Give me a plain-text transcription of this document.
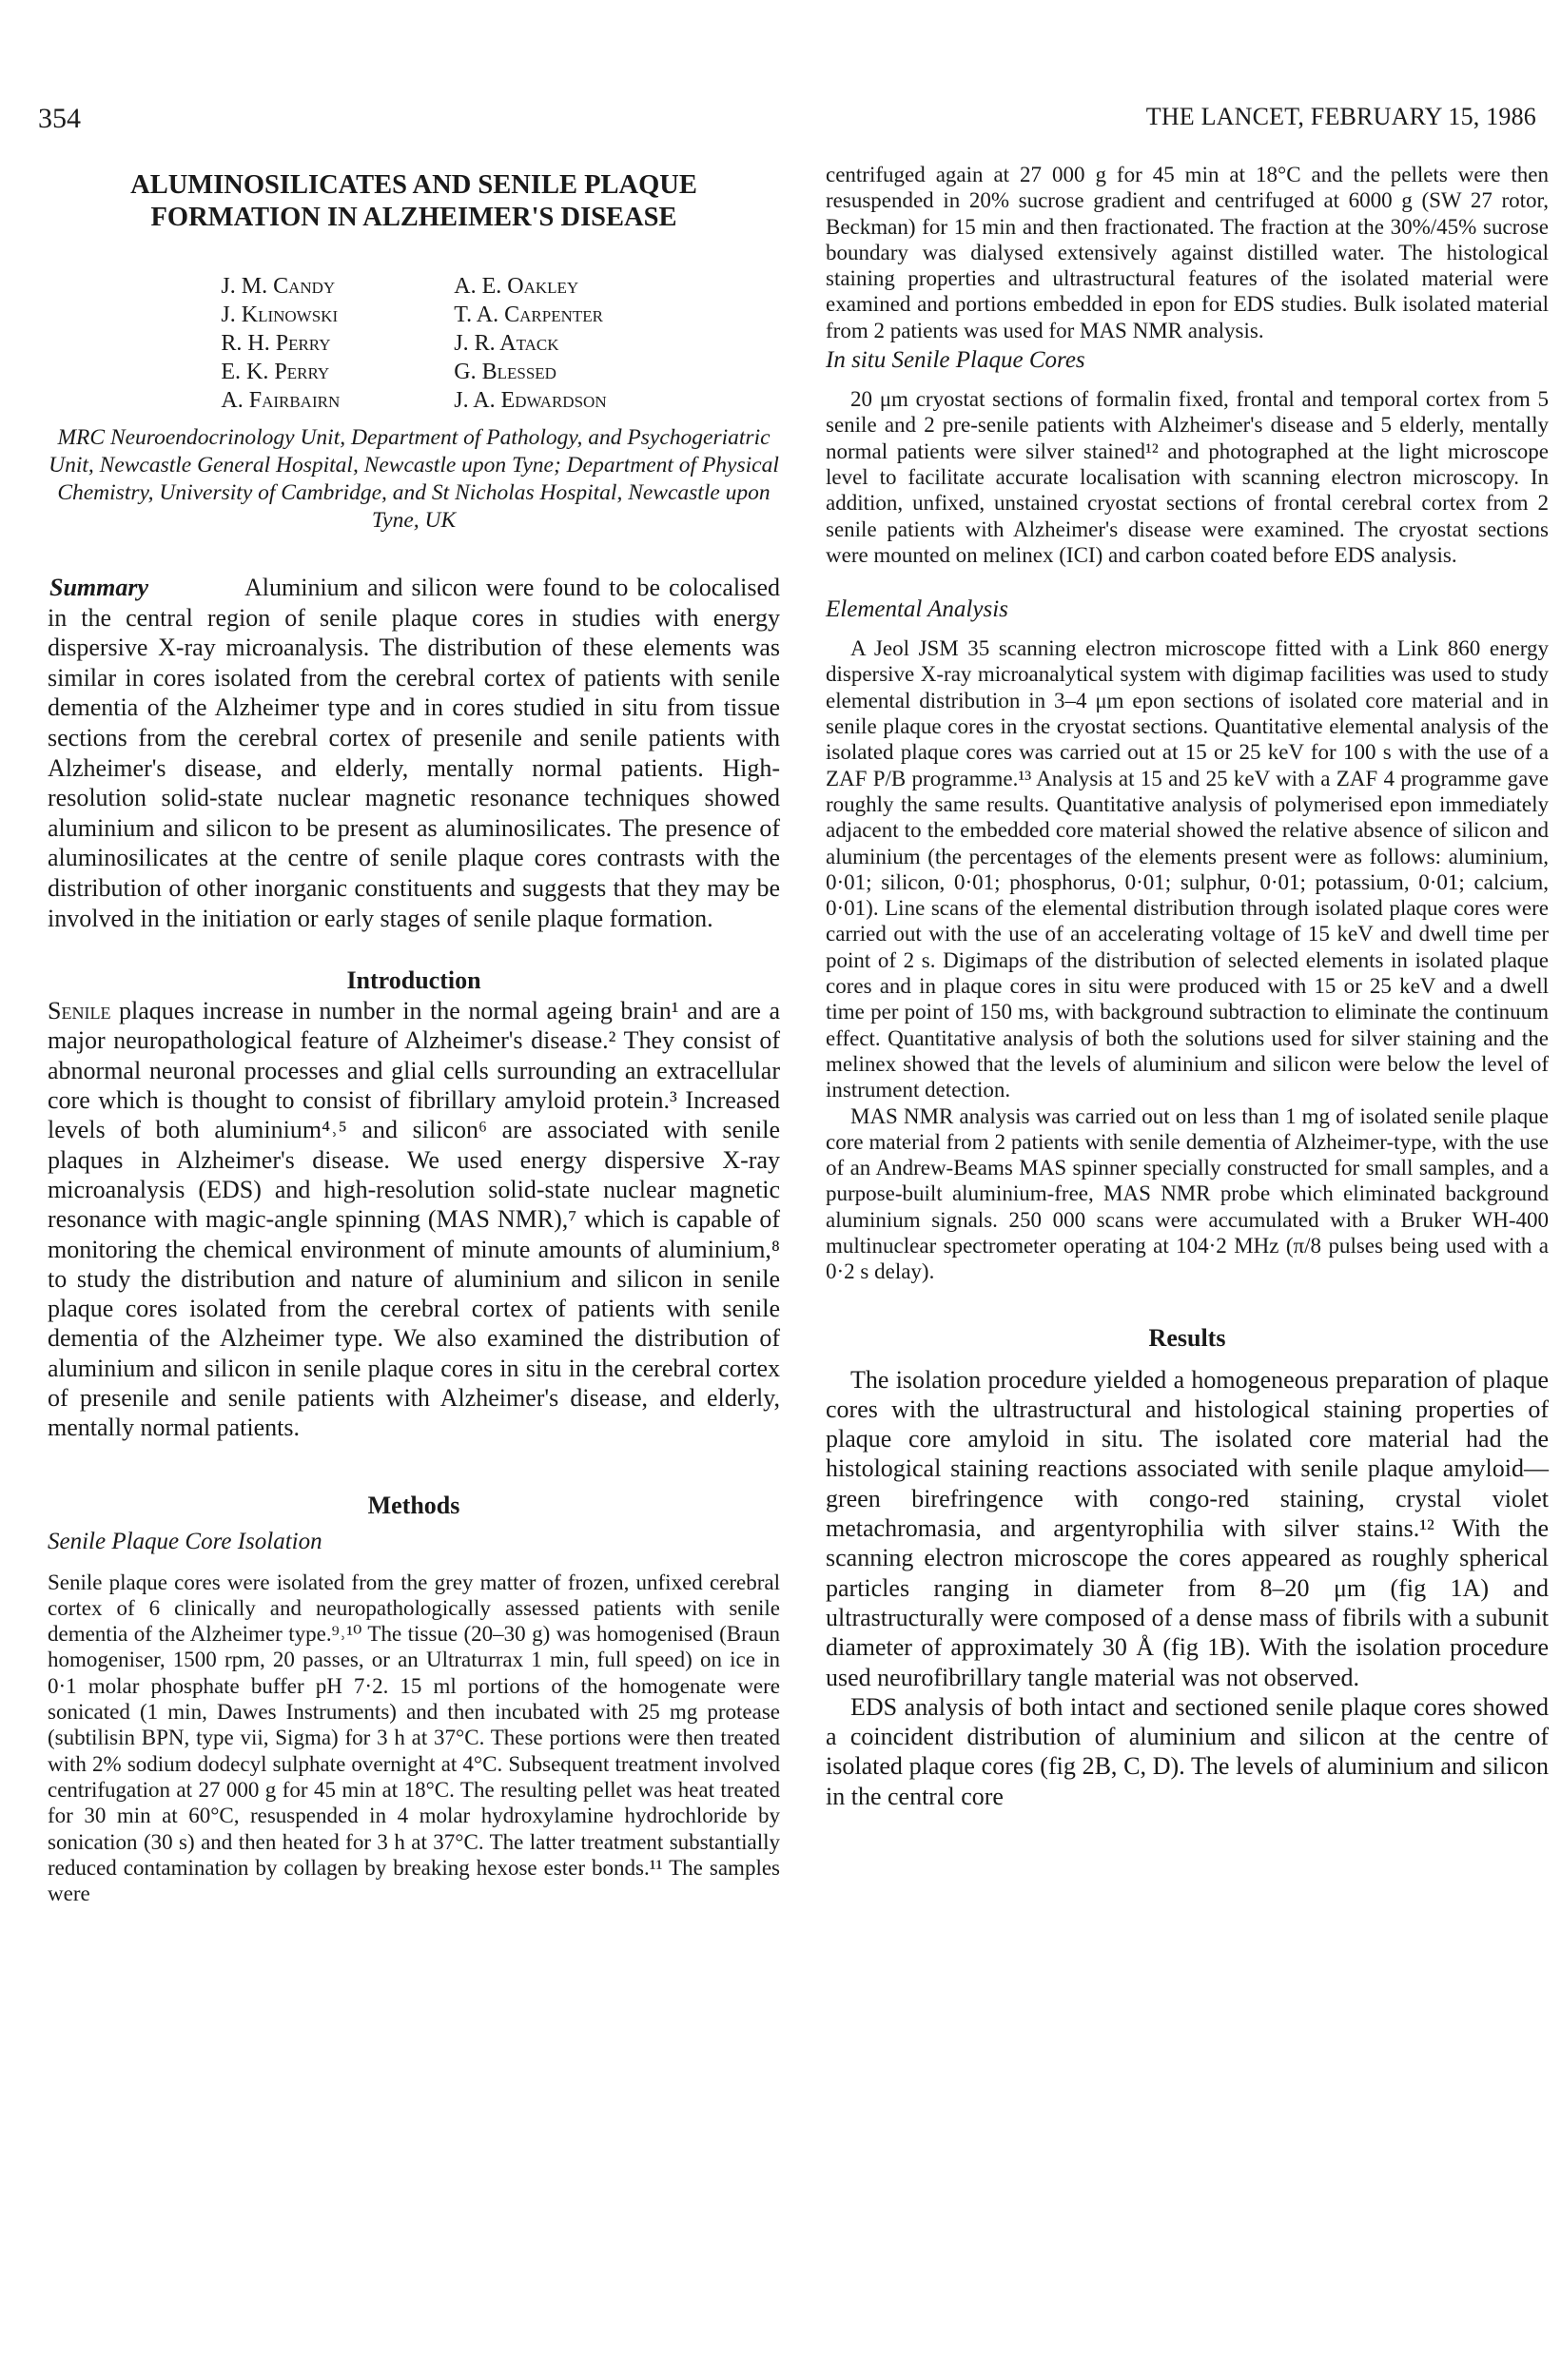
354	THE LANCET, FEBRUARY 15, 1986
ALUMINOSILICATES AND SENILE PLAQUE
FORMATION IN ALZHEIMER'S DISEASE
J. M. Candy
J. Klinowski
R. H. Perry
E. K. Perry
A. Fairbairn
A. E. Oakley
T. A. Carpenter
J. R. Atack
G. Blessed
J. A. Edwardson
MRC Neuroendocrinology Unit, Department of Pathology, and Psychogeriatric Unit, Newcastle General Hospital, Newcastle upon Tyne; Department of Physical Chemistry, University of Cambridge, and St Nicholas Hospital, Newcastle upon Tyne, UK
Summary	Aluminium and silicon were found to be colocalised in the central region of senile plaque cores in studies with energy dispersive X-ray microanalysis. The distribution of these elements was similar in cores isolated from the cerebral cortex of patients with senile dementia of the Alzheimer type and in cores studied in situ from tissue sections from the cerebral cortex of presenile and senile patients with Alzheimer's disease, and elderly, mentally normal patients. High-resolution solid-state nuclear magnetic resonance techniques showed aluminium and silicon to be present as aluminosilicates. The presence of aluminosilicates at the centre of senile plaque cores contrasts with the distribution of other inorganic constituents and suggests that they may be involved in the initiation or early stages of senile plaque formation.
Introduction

Senile plaques increase in number in the normal ageing brain¹ and are a major neuropathological feature of Alzheimer's disease.² They consist of abnormal neuronal processes and glial cells surrounding an extracellular core which is thought to consist of fibrillary amyloid protein.³ Increased levels of both aluminium⁴˒⁵ and silicon⁶ are associated with senile plaques in Alzheimer's disease. We used energy dispersive X-ray microanalysis (EDS) and high-resolution solid-state nuclear magnetic resonance with magic-angle spinning (MAS NMR),⁷ which is capable of monitoring the chemical environment of minute amounts of aluminium,⁸ to study the distribution and nature of aluminium and silicon in senile plaque cores isolated from the cerebral cortex of patients with senile dementia of the Alzheimer type. We also examined the distribution of aluminium and silicon in senile plaque cores in situ in the cerebral cortex of presenile and senile patients with Alzheimer's disease, and elderly, mentally normal patients.

Methods
Senile Plaque Core Isolation

Senile plaque cores were isolated from the grey matter of frozen, unfixed cerebral cortex of 6 clinically and neuropathologically assessed patients with senile dementia of the Alzheimer type.⁹˒¹⁰ The tissue (20–30 g) was homogenised (Braun homogeniser, 1500 rpm, 20 passes, or an Ultraturrax 1 min, full speed) on ice in 0·1 molar phosphate buffer pH 7·2. 15 ml portions of the homogenate were sonicated (1 min, Dawes Instruments) and then incubated with 25 mg protease (subtilisin BPN, type vii, Sigma) for 3 h at 37°C. These portions were then treated with 2% sodium dodecyl sulphate overnight at 4°C. Subsequent treatment involved centrifugation at 27 000 g for 45 min at 18°C. The resulting pellet was heat treated for 30 min at 60°C, resuspended in 4 molar hydroxylamine hydrochloride by sonication (30 s) and then heated for 3 h at 37°C. The latter treatment substantially reduced contamination by collagen by breaking hexose ester bonds.¹¹ The samples were

centrifuged again at 27 000 g for 45 min at 18°C and the pellets were then resuspended in 20% sucrose gradient and centrifuged at 6000 g (SW 27 rotor, Beckman) for 15 min and then fractionated. The fraction at the 30%/45% sucrose boundary was dialysed extensively against distilled water. The histological staining properties and ultrastructural features of the isolated material were examined and portions embedded in epon for EDS studies. Bulk isolated material from 2 patients was used for MAS NMR analysis.

In situ Senile Plaque Cores

20 μm cryostat sections of formalin fixed, frontal and temporal cortex from 5 senile and 2 pre-senile patients with Alzheimer's disease and 5 elderly, mentally normal patients were silver stained¹² and photographed at the light microscope level to facilitate accurate localisation with scanning electron microscopy. In addition, unfixed, unstained cryostat sections of frontal cerebral cortex from 2 senile patients with Alzheimer's disease were examined. The cryostat sections were mounted on melinex (ICI) and carbon coated before EDS analysis.

Elemental Analysis

A Jeol JSM 35 scanning electron microscope fitted with a Link 860 energy dispersive X-ray microanalytical system with digimap facilities was used to study elemental distribution in 3–4 μm epon sections of isolated core material and in senile plaque cores in the cryostat sections. Quantitative elemental analysis of the isolated plaque cores was carried out at 15 or 25 keV for 100 s with the use of a ZAF P/B programme.¹³ Analysis at 15 and 25 keV with a ZAF 4 programme gave roughly the same results. Quantitative analysis of polymerised epon immediately adjacent to the embedded core material showed the relative absence of silicon and aluminium (the percentages of the elements present were as follows: aluminium, 0·01; silicon, 0·01; phosphorus, 0·01; sulphur, 0·01; potassium, 0·01; calcium, 0·01). Line scans of the elemental distribution through isolated plaque cores were carried out with the use of an accelerating voltage of 15 keV and dwell time per point of 2 s. Digimaps of the distribution of selected elements in isolated plaque cores and in plaque cores in situ were produced with 15 or 25 keV and a dwell time per point of 150 ms, with background subtraction to eliminate the continuum effect. Quantitative analysis of both the solutions used for silver staining and the melinex showed that the levels of aluminium and silicon were below the level of instrument detection.

MAS NMR analysis was carried out on less than 1 mg of isolated senile plaque core material from 2 patients with senile dementia of Alzheimer-type, with the use of an Andrew-Beams MAS spinner specially constructed for small samples, and a purpose-built aluminium-free, MAS NMR probe which eliminated background aluminium signals. 250 000 scans were accumulated with a Bruker WH-400 multinuclear spectrometer operating at 104·2 MHz (π/8 pulses being used with a 0·2 s delay).

Results

The isolation procedure yielded a homogeneous preparation of plaque cores with the ultrastructural and histological staining properties of plaque core amyloid in situ. The isolated core material had the histological staining reactions associated with senile plaque amyloid—green birefringence with congo-red staining, crystal violet metachromasia, and argentyrophilia with silver stains.¹² With the scanning electron microscope the cores appeared as roughly spherical particles ranging in diameter from 8–20 μm (fig 1A) and ultrastructurally were composed of a dense mass of fibrils with a subunit diameter of approximately 30 Å (fig 1B). With the isolation procedure used neurofibrillary tangle material was not observed.

EDS analysis of both intact and sectioned senile plaque cores showed a coincident distribution of aluminium and silicon at the centre of isolated plaque cores (fig 2B, C, D). The levels of aluminium and silicon in the central core
